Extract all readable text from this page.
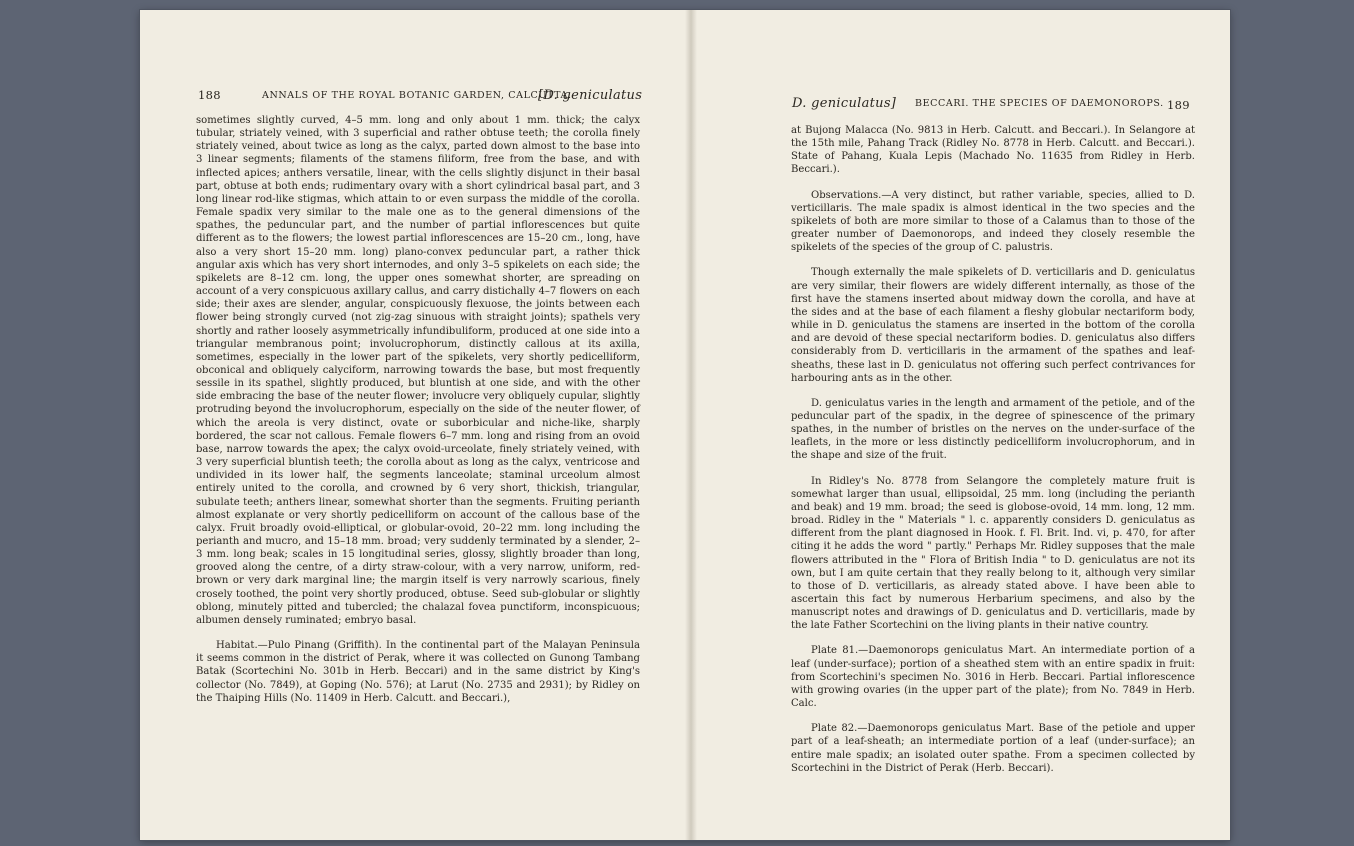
188	ANNALS OF THE ROYAL BOTANIC GARDEN, CALCUTTA.
[D. geniculatus

sometimes slightly curved, 4–5 mm. long and only about 1 mm. thick; the calyx tubular, striately veined, with 3 superficial and rather obtuse teeth; the corolla finely striately veined, about twice as long as the calyx, parted down almost to the base into 3 linear segments; filaments of the stamens filiform, free from the base, and with inflected apices; anthers versatile, linear, with the cells slightly disjunct in their basal part, obtuse at both ends; rudimentary ovary with a short cylindrical basal part, and 3 long linear rod-like stigmas, which attain to or even surpass the middle of the corolla. Female spadix very similar to the male one as to the general dimensions of the spathes, the peduncular part, and the number of partial inflorescences but quite different as to the flowers; the lowest partial inflorescences are 15–20 cm., long, have also a very short 15–20 mm. long) plano-convex peduncular part, a rather thick angular axis which has very short internodes, and only 3–5 spikelets on each side; the spikelets are 8–12 cm. long, the upper ones somewhat shorter, are spreading on account of a very conspicuous axillary callus, and carry distichally 4–7 flowers on each side; their axes are slender, angular, conspicuously flexuose, the joints between each flower being strongly curved (not zig-zag sinuous with straight joints); spathels very shortly and rather loosely asymmetrically infundibuliform, produced at one side into a triangular membranous point; involucrophorum, distinctly callous at its axilla, sometimes, especially in the lower part of the spikelets, very shortly pedicelliform, obconical and obliquely calyciform, narrowing towards the base, but most frequently sessile in its spathel, slightly produced, but bluntish at one side, and with the other side embracing the base of the neuter flower; involucre very obliquely cupular, slightly protruding beyond the involucrophorum, especially on the side of the neuter flower, of which the areola is very distinct, ovate or suborbicular and niche-like, sharply bordered, the scar not callous. Female flowers 6–7 mm. long and rising from an ovoid base, narrow towards the apex; the calyx ovoid-urceolate, finely striately veined, with 3 very superficial bluntish teeth; the corolla about as long as the calyx, ventricose and undivided in its lower half, the segments lanceolate; staminal urceolum almost entirely united to the corolla, and crowned by 6 very short, thickish, triangular, subulate teeth; anthers linear, somewhat shorter than the segments. Fruiting perianth almost explanate or very shortly pedicelliform on account of the callous base of the calyx. Fruit broadly ovoid-elliptical, or globular-ovoid, 20–22 mm. long including the perianth and mucro, and 15–18 mm. broad; very suddenly terminated by a slender, 2–3 mm. long beak; scales in 15 longitudinal series, glossy, slightly broader than long, grooved along the centre, of a dirty straw-colour, with a very narrow, uniform, red-brown or very dark marginal line; the margin itself is very narrowly scarious, finely crosely toothed, the point very shortly produced, obtuse. Seed sub-globular or slightly oblong, minutely pitted and tubercled; the chalazal fovea punctiform, inconspicuous; albumen densely ruminated; embryo basal.

Habitat.—Pulo Pinang (Griffith). In the continental part of the Malayan Peninsula it seems common in the district of Perak, where it was collected on Gunong Tambang Batak (Scortechini No. 301b in Herb. Beccari) and in the same district by King's collector (No. 7849), at Goping (No. 576); at Larut (No. 2735 and 2931); by Ridley on the Thaiping Hills (No. 11409 in Herb. Calcutt. and Beccari.),

D. geniculatus] BECCARI. THE SPECIES OF DAEMONOROPS. 189

at Bujong Malacca (No. 9813 in Herb. Calcutt. and Beccari.). In Selangore at the 15th mile, Pahang Track (Ridley No. 8778 in Herb. Calcutt. and Beccari.). State of Pahang, Kuala Lepis (Machado No. 11635 from Ridley in Herb. Beccari.).

Observations.—A very distinct, but rather variable, species, allied to D. verticillaris. The male spadix is almost identical in the two species and the spikelets of both are more similar to those of a Calamus than to those of the greater number of Daemonorops, and indeed they closely resemble the spikelets of the species of the group of C. palustris.

Though externally the male spikelets of D. verticillaris and D. geniculatus are very similar, their flowers are widely different internally, as those of the first have the stamens inserted about midway down the corolla, and have at the sides and at the base of each filament a fleshy globular nectariform body, while in D. geniculatus the stamens are inserted in the bottom of the corolla and are devoid of these special nectariform bodies. D. geniculatus also differs considerably from D. verticillaris in the armament of the spathes and leaf-sheaths, these last in D. geniculatus not offering such perfect contrivances for harbouring ants as in the other.

D. geniculatus varies in the length and armament of the petiole, and of the peduncular part of the spadix, in the degree of spinescence of the primary spathes, in the number of bristles on the nerves on the under-surface of the leaflets, in the more or less distinctly pedicelliform involucrophorum, and in the shape and size of the fruit.

In Ridley's No. 8778 from Selangore the completely mature fruit is somewhat larger than usual, ellipsoidal, 25 mm. long (including the perianth and beak) and 19 mm. broad; the seed is globose-ovoid, 14 mm. long, 12 mm. broad. Ridley in the " Materials " l. c. apparently considers D. geniculatus as different from the plant diagnosed in Hook. f. Fl. Brit. Ind. vi, p. 470, for after citing it he adds the word " partly." Perhaps Mr. Ridley supposes that the male flowers attributed in the " Flora of British India " to D. geniculatus are not its own, but I am quite certain that they really belong to it, although very similar to those of D. verticillaris, as already stated above. I have been able to ascertain this fact by numerous Herbarium specimens, and also by the manuscript notes and drawings of D. geniculatus and D. verticillaris, made by the late Father Scortechini on the living plants in their native country.

Plate 81.—Daemonorops geniculatus Mart. An intermediate portion of a leaf (under-surface); portion of a sheathed stem with an entire spadix in fruit: from Scortechini's specimen No. 3016 in Herb. Beccari. Partial inflorescence with growing ovaries (in the upper part of the plate); from No. 7849 in Herb. Calc.

Plate 82.—Daemonorops geniculatus Mart. Base of the petiole and upper part of a leaf-sheath; an intermediate portion of a leaf (under-surface); an entire male spadix; an isolated outer spathe. From a specimen collected by Scortechini in the District of Perak (Herb. Beccari).
